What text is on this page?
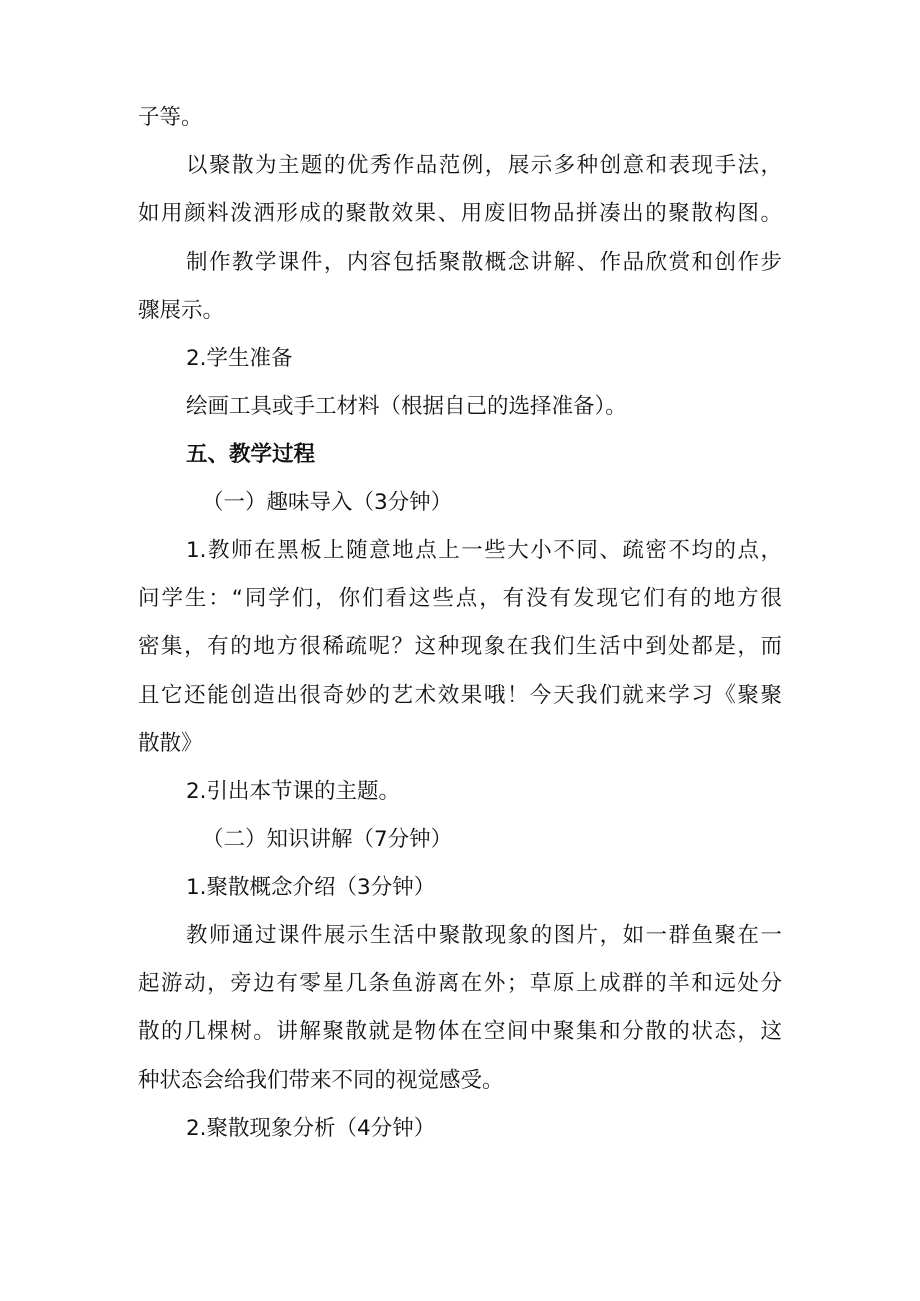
子等。
以聚散为主题的优秀作品范例，展示多种创意和表现手法，
如用颜料泼洒形成的聚散效果、用废旧物品拼凑出的聚散构图。
制作教学课件，内容包括聚散概念讲解、作品欣赏和创作步
骤展示。
2.学生准备
绘画工具或手工材料（根据自己的选择准备）。
五、教学过程
（一）趣味导入（3分钟）
1.教师在黑板上随意地点上一些大小不同、疏密不均的点，
问学生：“同学们，你们看这些点，有没有发现它们有的地方很
密集，有的地方很稀疏呢？这种现象在我们生活中到处都是，而
且它还能创造出很奇妙的艺术效果哦！今天我们就来学习《聚聚
散散》
2.引出本节课的主题。
（二）知识讲解（7分钟）
1.聚散概念介绍（3分钟）
教师通过课件展示生活中聚散现象的图片，如一群鱼聚在一
起游动，旁边有零星几条鱼游离在外；草原上成群的羊和远处分
散的几棵树。讲解聚散就是物体在空间中聚集和分散的状态，这
种状态会给我们带来不同的视觉感受。
2.聚散现象分析（4分钟）
